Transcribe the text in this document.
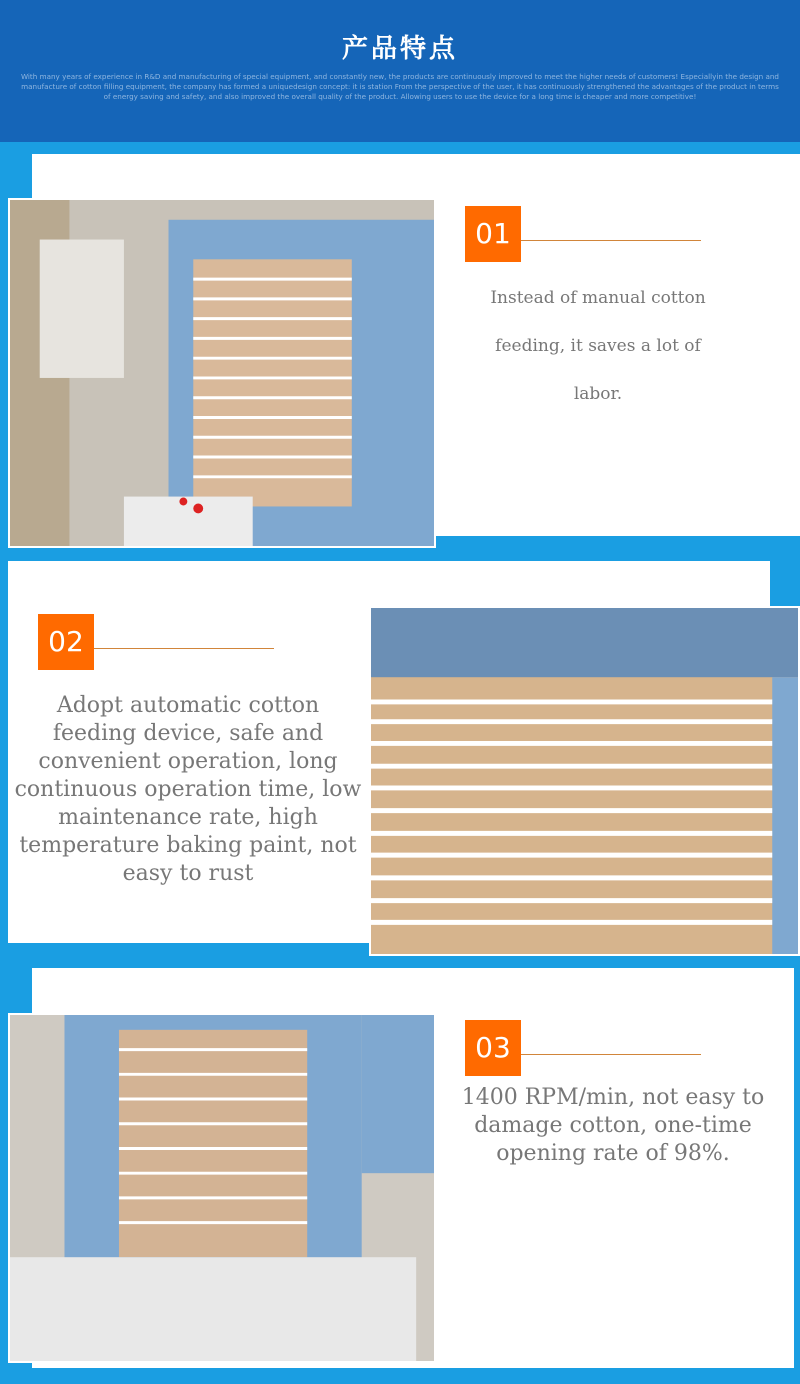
产品特点
With many years of experience in R&D and manufacturing of special equipment, and constantly new, the products are continuously improved to meet the higher needs of customers! Especiallyin the design and manufacture of cotton filling equipment, the company has formed a uniquedesign concept: it is station From the perspective of the user, it has continuously strengthened the advantages of the product in terms of energy saving and safety, and also improved the overall quality of the product. Allowing users to use the device for a long time is cheaper and more competitive!
01
Instead of manual cotton feeding, it saves a lot of labor.
02
Adopt automatic cotton feeding device, safe and convenient operation, long continuous operation time, low maintenance rate, high temperature baking paint, not easy to rust
03
1400 RPM/min, not easy to damage cotton, one-time opening rate of 98%.
